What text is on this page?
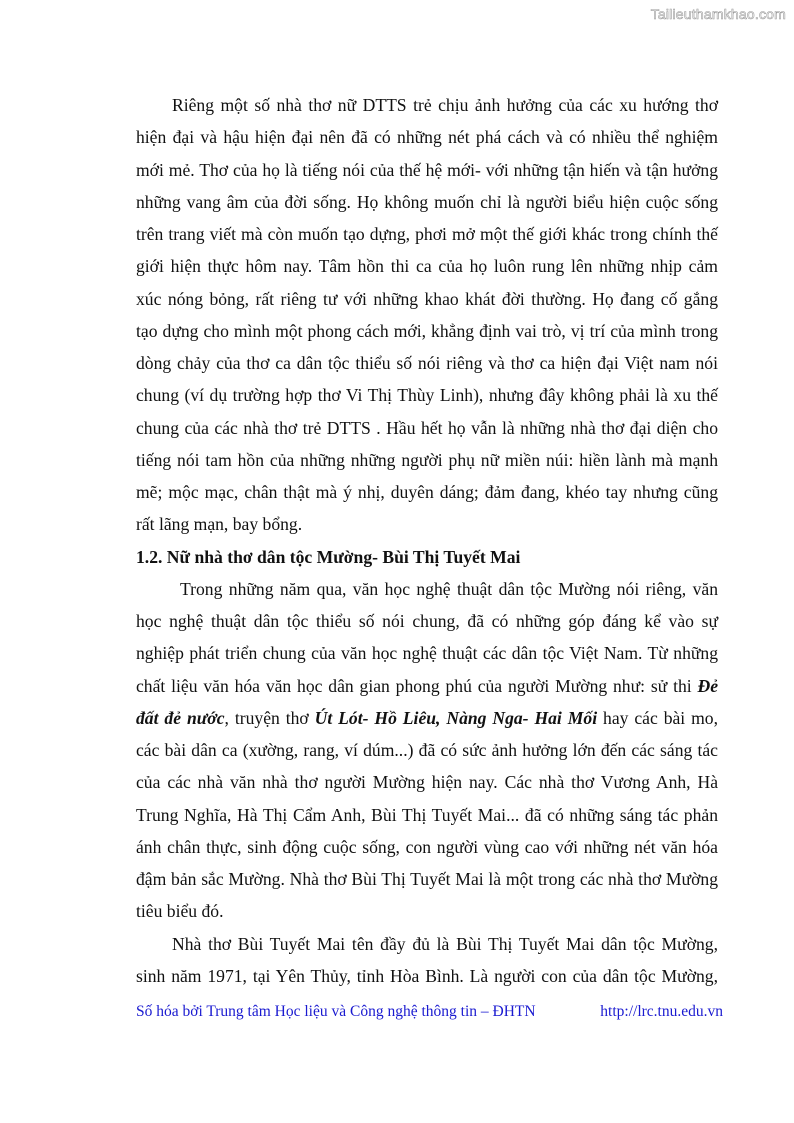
Tailieuthamkhao.com
Riêng một số nhà thơ nữ DTTS trẻ chịu ảnh hưởng của các xu hướng thơ
hiện đại và hậu hiện đại nên đã có những nét phá cách và có nhiều thể nghiệm
mới mẻ. Thơ của họ là tiếng nói của thế hệ mới- với những tận hiến và tận hưởng
những vang âm của đời sống. Họ không muốn chỉ là người biểu hiện cuộc sống
trên trang viết mà còn muốn tạo dựng, phơi mở một thế giới khác trong chính thế
giới hiện thực hôm nay. Tâm hồn thi ca của họ luôn rung lên những nhịp cảm
xúc nóng bỏng, rất riêng tư với những khao khát đời thường. Họ đang cố gắng
tạo dựng cho mình một phong cách mới, khẳng định vai trò, vị trí của mình trong
dòng chảy của thơ ca dân tộc thiểu số nói riêng và thơ ca hiện đại Việt nam nói
chung (ví dụ trường hợp thơ Vi Thị Thùy Linh), nhưng đây không phải là xu thế
chung của các nhà thơ trẻ DTTS . Hầu hết họ vẫn là những nhà thơ đại diện cho
tiếng nói tam hồn của những những người phụ nữ miền núi: hiền lành mà mạnh
mẽ; mộc mạc, chân thật mà ý nhị, duyên dáng; đảm đang, khéo tay nhưng cũng
rất lãng mạn, bay bổng.
1.2. Nữ nhà thơ dân tộc Mường- Bùi Thị Tuyết Mai
Trong những năm qua, văn học nghệ thuật dân tộc Mường nói riêng, văn
học nghệ thuật dân tộc thiểu số nói chung, đã có những góp đáng kể vào sự
nghiệp phát triển chung của văn học nghệ thuật các dân tộc Việt Nam. Từ những
chất liệu văn hóa văn học dân gian phong phú của người Mường như: sử thi Đẻ
đất đẻ nước, truyện thơ Út Lót- Hồ Liêu, Nàng Nga- Hai Mối hay các bài mo,
các bài dân ca (xường, rang, ví dúm...) đã có sức ảnh hưởng lớn đến các sáng tác
của các nhà văn nhà thơ người Mường hiện nay. Các nhà thơ Vương Anh, Hà
Trung Nghĩa, Hà Thị Cẩm Anh, Bùi Thị Tuyết Mai... đã có những sáng tác phản
ánh chân thực, sinh động cuộc sống, con người vùng cao với những nét văn hóa
đậm bản sắc Mường. Nhà thơ Bùi Thị Tuyết Mai là một trong các nhà thơ Mường
tiêu biểu đó.
Nhà thơ Bùi Tuyết Mai tên đầy đủ là Bùi Thị Tuyết Mai dân tộc Mường,
sinh năm 1971, tại Yên Thủy, tỉnh Hòa Bình. Là người con của dân tộc Mường,
Số hóa bởi Trung tâm Học liệu và Công nghệ thông tin – ĐHTN	http://lrc.tnu.edu.vn
